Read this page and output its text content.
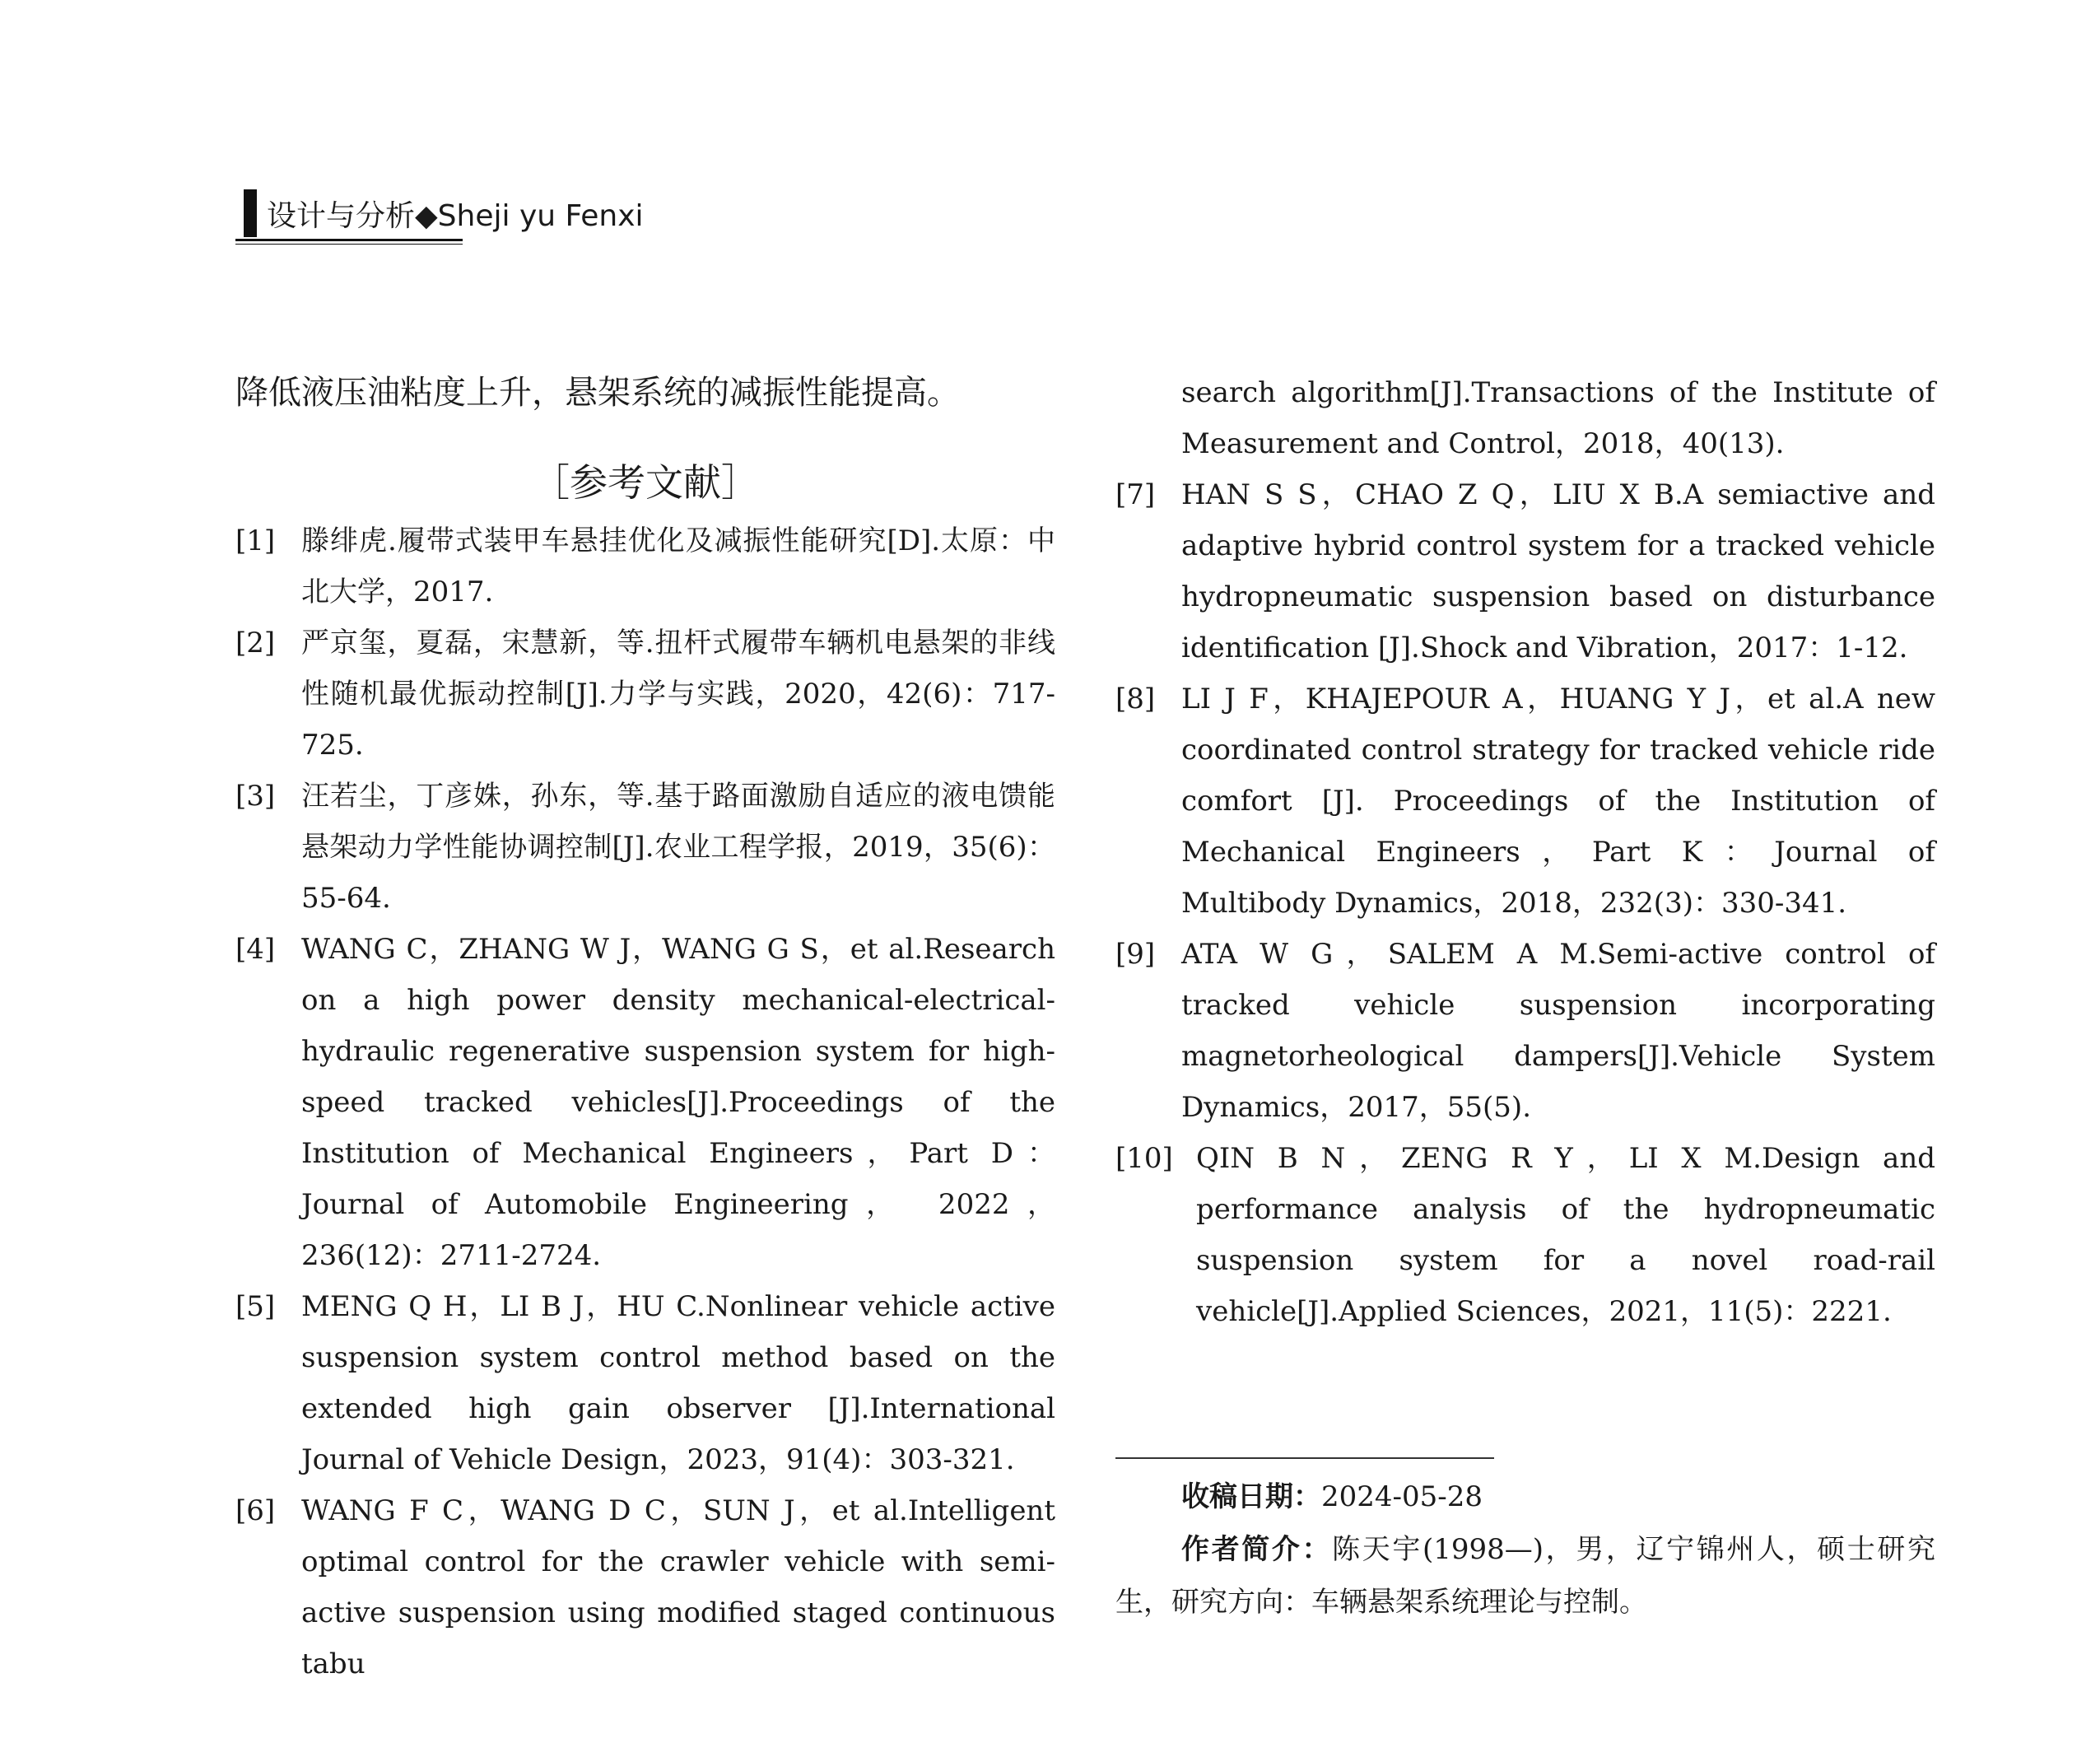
设计与分析◆Sheji yu Fenxi

降低液压油粘度上升，悬架系统的减振性能提高。

［参考文献］
[1] 滕绯虎.履带式装甲车悬挂优化及减振性能研究[D].太原：中北大学，2017.
[2] 严京玺，夏磊，宋慧新，等.扭杆式履带车辆机电悬架的非线性随机最优振动控制[J].力学与实践，2020，42(6)：717-725.
[3] 汪若尘，丁彦姝，孙东，等.基于路面激励自适应的液电馈能悬架动力学性能协调控制[J].农业工程学报，2019，35(6)：55-64.
[4] WANG C，ZHANG W J，WANG G S，et al.Research on a high power density mechanical-electrical-hydraulic regenerative suspension system for high-speed tracked vehicles[J].Proceedings of the Institution of Mechanical Engineers，Part D：Journal of Automobile Engineering， 2022， 236(12)：2711-2724.
[5] MENG Q H，LI B J，HU C.Nonlinear vehicle active suspension system control method based on the extended high gain observer [J].International Journal of Vehicle Design，2023，91(4)：303-321.
[6] WANG F C，WANG D C，SUN J，et al.Intelligent optimal control for the crawler vehicle with semi-active suspension using modified staged continuous tabu
search algorithm[J].Transactions of the Institute of Measurement and Control，2018，40(13).
[7] HAN S S，CHAO Z Q，LIU X B.A semiactive and adaptive hybrid control system for a tracked vehicle hydropneumatic suspension based on disturbance identification [J].Shock and Vibration，2017：1-12.
[8] LI J F，KHAJEPOUR A，HUANG Y J，et al.A new coordinated control strategy for tracked vehicle ride comfort [J]. Proceedings of the Institution of Mechanical Engineers，Part K：Journal of Multibody Dynamics，2018，232(3)：330-341.
[9] ATA W G，SALEM A M.Semi-active control of tracked vehicle suspension incorporating magnetorheological dampers[J].Vehicle System Dynamics，2017，55(5).
[10] QIN B N，ZENG R Y，LI X M.Design and performance analysis of the hydropneumatic suspension system for a novel road-rail vehicle[J].Applied Sciences，2021，11(5)：2221.
收稿日期：2024-05-28
作者简介：陈天宇(1998—)，男，辽宁锦州人，硕士研究生，研究方向：车辆悬架系统理论与控制。
